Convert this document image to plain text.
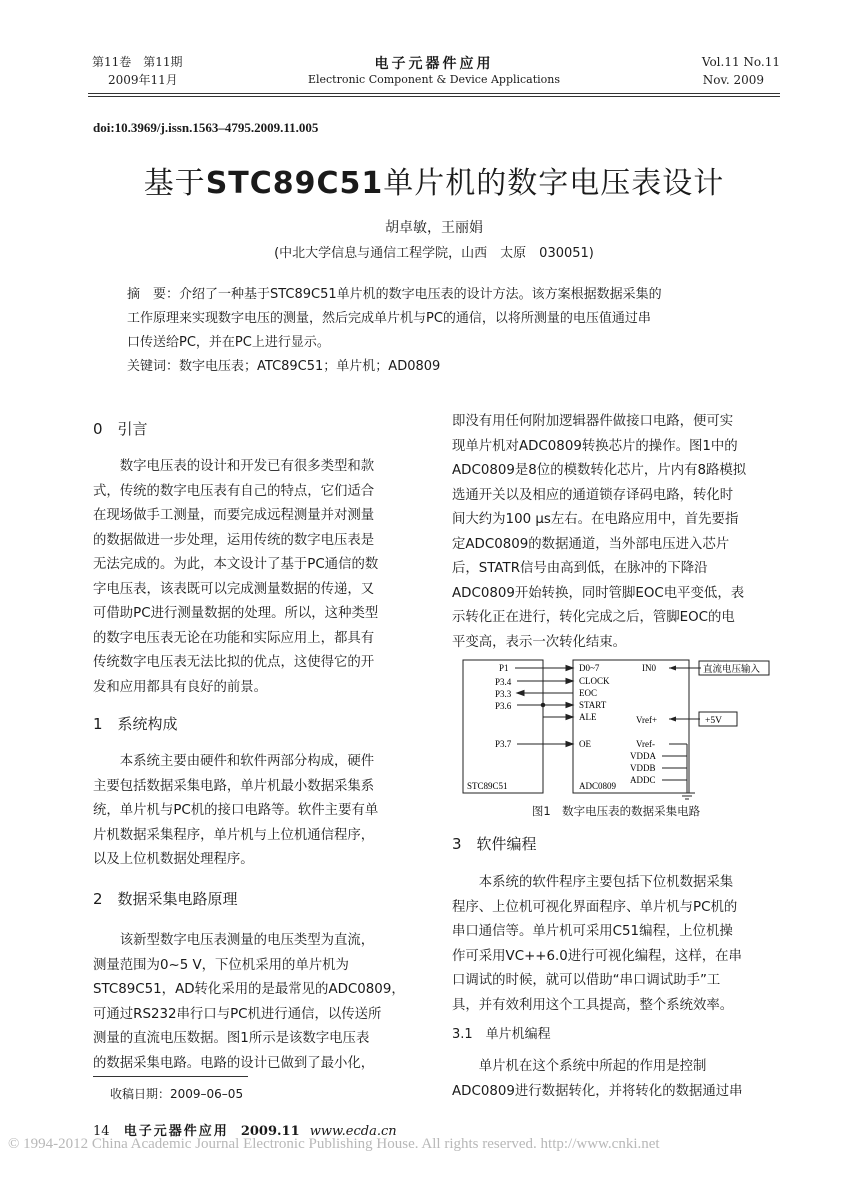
第11卷　第11期
2009年11月
电子元器件应用
Electronic Component & Device Applications
Vol.11 No.11
Nov. 2009
doi:10.3969/j.issn.1563–4795.2009.11.005
基于STC89C51单片机的数字电压表设计
胡卓敏，王丽娟
(中北大学信息与通信工程学院，山西　太原　030051)
摘　要：介绍了一种基于STC89C51单片机的数字电压表的设计方法。该方案根据数据采集的
工作原理来实现数字电压的测量，然后完成单片机与PC的通信，以将所测量的电压值通过串
口传送给PC，并在PC上进行显示。
关键词：数字电压表；ATC89C51；单片机；AD0809
0　引言
　　数字电压表的设计和开发已有很多类型和款
式，传统的数字电压表有自己的特点，它们适合
在现场做手工测量，而要完成远程测量并对测量
的数据做进一步处理，运用传统的数字电压表是
无法完成的。为此，本文设计了基于PC通信的数
字电压表，该表既可以完成测量数据的传递，又
可借助PC进行测量数据的处理。所以，这种类型
的数字电压表无论在功能和实际应用上，都具有
传统数字电压表无法比拟的优点，这使得它的开
发和应用都具有良好的前景。
1　系统构成
　　本系统主要由硬件和软件两部分构成，硬件
主要包括数据采集电路，单片机最小数据采集系
统，单片机与PC机的接口电路等。软件主要有单
片机数据采集程序，单片机与上位机通信程序，
以及上位机数据处理程序。
2　数据采集电路原理
　　该新型数字电压表测量的电压类型为直流，
测量范围为0~5 V，下位机采用的单片机为
STC89C51，AD转化采用的是最常见的ADC0809，
可通过RS232串行口与PC机进行通信，以传送所
测量的直流电压数据。图1所示是该数字电压表
的数据采集电路。电路的设计已做到了最小化，
收稿日期：2009–06–05
即没有用任何附加逻辑器件做接口电路，便可实
现单片机对ADC0809转换芯片的操作。图1中的
ADC0809是8位的模数转化芯片，片内有8路模拟
选通开关以及相应的通道锁存译码电路，转化时
间大约为100 μs左右。在电路应用中，首先要指
定ADC0809的数据通道，当外部电压进入芯片
后，STATR信号由高到低，在脉冲的下降沿
ADC0809开始转换，同时管脚EOC电平变低，表
示转化正在进行，转化完成之后，管脚EOC的电
平变高，表示一次转化结束。
P1
P3.4
P3.3
P3.6
P3.7
STC89C51
D0~7
CLOCK
EOC
START
ALE
OE
IN0
Vref+
Vref-
VDDA
VDDB
ADDC
ADC0809
直流电压输入
+5V
图1　数字电压表的数据采集电路
3　软件编程
　　本系统的软件程序主要包括下位机数据采集
程序、上位机可视化界面程序、单片机与PC机的
串口通信等。单片机可采用C51编程，上位机操
作可采用VC++6.0进行可视化编程，这样，在串
口调试的时候，就可以借助“串口调试助手”工
具，并有效利用这个工具提高，整个系统效率。
3.1　单片机编程
　　单片机在这个系统中所起的作用是控制
ADC0809进行数据转化，并将转化的数据通过串
14 电子元器件应用 2009.11 www.ecda.cn
© 1994-2012 China Academic Journal Electronic Publishing House. All rights reserved. http://www.cnki.net
